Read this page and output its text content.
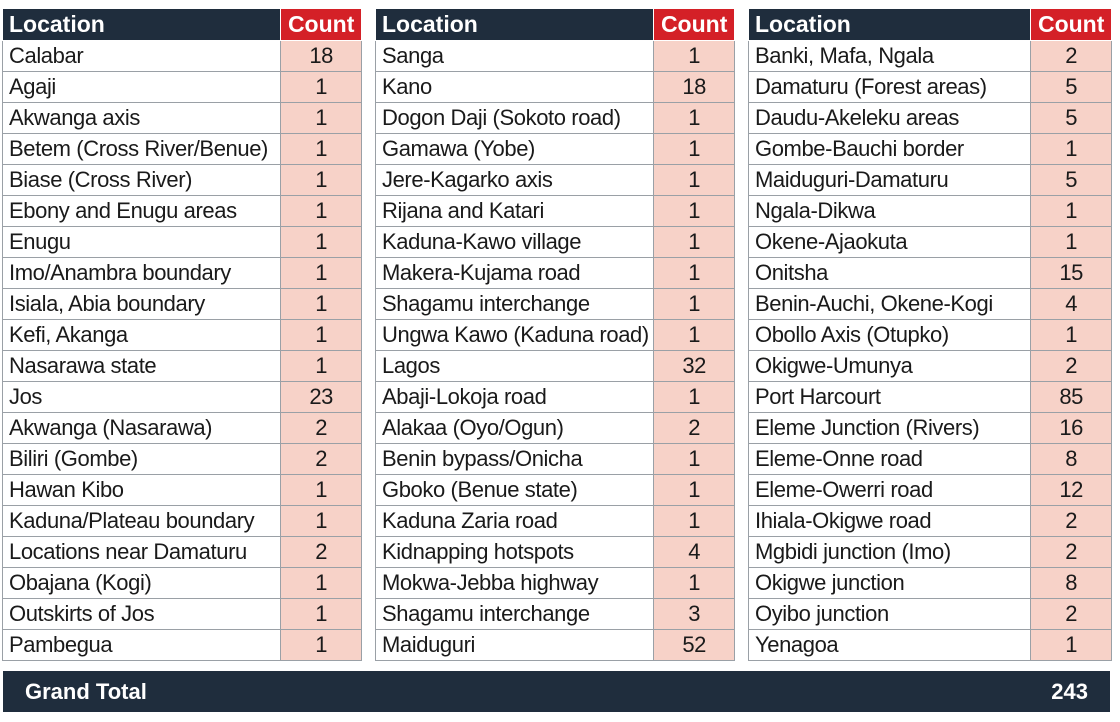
Location	Count
Calabar	18
Agaji	1
Akwanga axis	1
Betem (Cross River/Benue)	1
Biase (Cross River)	1
Ebony and Enugu areas	1
Enugu	1
Imo/Anambra boundary	1
Isiala, Abia boundary	1
Kefi, Akanga	1
Nasarawa state	1
Jos	23
Akwanga (Nasarawa)	2
Biliri (Gombe)	2
Hawan Kibo	1
Kaduna/Plateau boundary	1
Locations near Damaturu	2
Obajana (Kogi)	1
Outskirts of Jos	1
Pambegua	1
Location	Count
Sanga	1
Kano	18
Dogon Daji (Sokoto road)	1
Gamawa (Yobe)	1
Jere-Kagarko axis	1
Rijana and Katari	1
Kaduna-Kawo village	1
Makera-Kujama road	1
Shagamu interchange	1
Ungwa Kawo (Kaduna road)	1
Lagos	32
Abaji-Lokoja road	1
Alakaa (Oyo/Ogun)	2
Benin bypass/Onicha	1
Gboko (Benue state)	1
Kaduna Zaria road	1
Kidnapping hotspots	4
Mokwa-Jebba highway	1
Shagamu interchange	3
Maiduguri	52
Location	Count
Banki, Mafa, Ngala	2
Damaturu (Forest areas)	5
Daudu-Akeleku areas	5
Gombe-Bauchi border	1
Maiduguri-Damaturu	5
Ngala-Dikwa	1
Okene-Ajaokuta	1
Onitsha	15
Benin-Auchi, Okene-Kogi	4
Obollo Axis (Otupko)	1
Okigwe-Umunya	2
Port Harcourt	85
Eleme Junction (Rivers)	16
Eleme-Onne road	8
Eleme-Owerri road	12
Ihiala-Okigwe road	2
Mgbidi junction (Imo)	2
Okigwe junction	8
Oyibo junction	2
Yenagoa	1
Grand Total	243
